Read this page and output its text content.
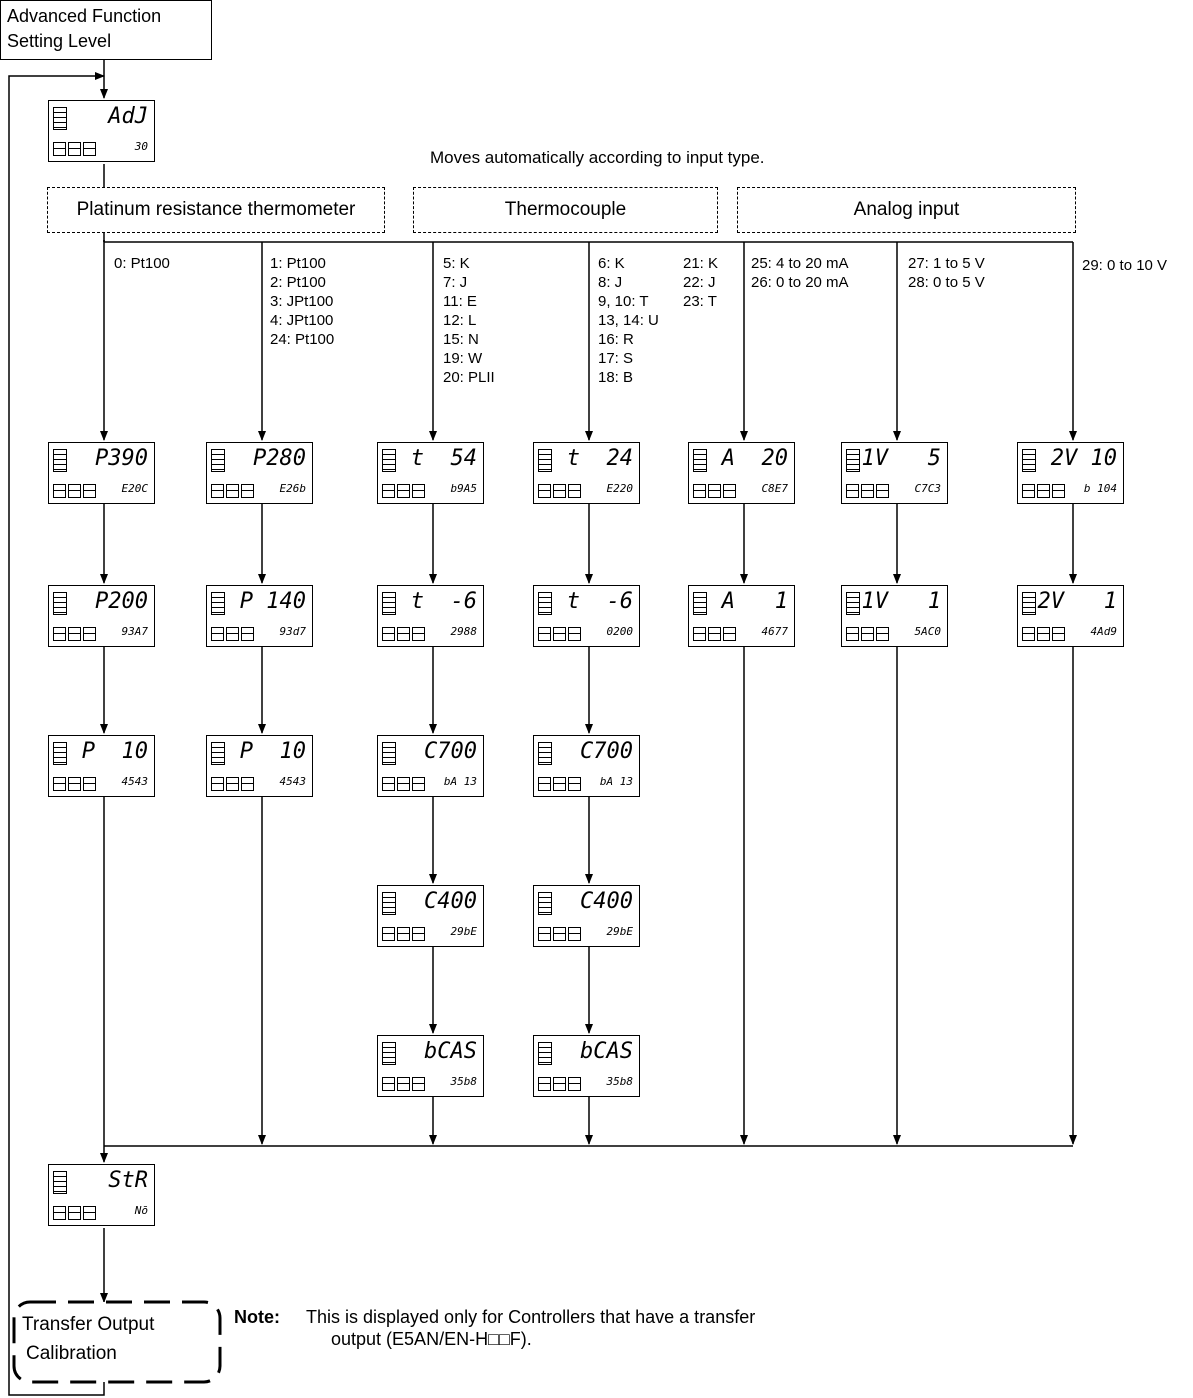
Advanced Function
Setting Level
Moves automatically according to input type.
Platinum resistance thermometer	Thermocouple	Analog input
0: Pt100	1: Pt100
2: Pt100
3: JPt100
4: JPt100
24: Pt100
5: K
7: J
11: E
12: L
15: N
19: W
20: PLII
6: K
8: J
9, 10: T
13, 14: U
16: R
17: S
18: B
21: K
22: J
23: T
25: 4 to 20 mA
26: 0 to 20 mA
27: 1 to 5 V
28: 0 to 5 V
29: 0 to 10 V
AdJ
30
P390
E20C
P200
93A7
P  10
4543
P280
E26b
P 140
93d7
P  10
4543
t  54
b9A5
t  -6
2988
C700
bA 13
C400
29bE
bCAS
35b8
t  24
E220
t  -6
0200
C700
bA 13
C400
29bE
bCAS
35b8
A  20
C8E7
A   1
4677
1V   5
C7C3
1V   1
5AC0
2V 10
b 104
2V   1
4Ad9
StR
Nō
Transfer Output
Calibration
Note: This is displayed only for Controllers that have a transfer
output (E5AN/EN-H□□F).
